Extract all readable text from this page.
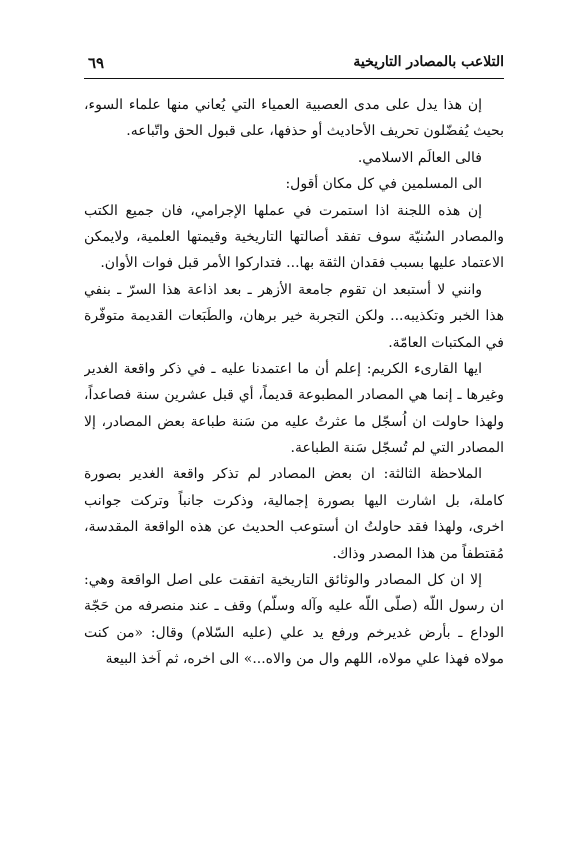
التلاعب بالمصادر التاريخية
٦٩
إن هذا يدل على مدى العصبية العمياء التي يُعاني منها علماء السوء،
بحيث يُفضّلون تحريف الأحاديث أو حذفها، على قبول الحق واتّباعه.
فالى العالَم الاسلامي.
الى المسلمين في كل مكان أقول:
إن هذه اللجنة اذا استمرت في عملها الإجرامي، فان جميع الكتب
والمصادر السُنيّة سوف تفقد أصالتها التاريخية وقيمتها العلمية، ولايمكن
الاعتماد عليها بسبب فقدان الثقة بها... فتداركوا الأمر قبل فوات الأوان.
وانني لا أستبعد ان تقوم جامعة الأزهر ـ بعد اذاعة هذا السرّ ـ بنفي
هذا الخبر وتكذيبه... ولكن التجربة خير برهان، والطَبَعات القديمة متوفّرة
في المكتبات العامّة.
ايها القارىء الكريم: إعلم أن ما اعتمدنا عليه ـ في ذكر واقعة الغدير
وغيرها ـ إنما هي المصادر المطبوعة قديماً، أي قبل عشرين سنة فصاعداً،
ولهذا حاولت ان اُسجّل ما عثرتُ عليه من سَنة طباعة بعض المصادر، إلا
المصادر التي لم تُسجّل سَنة الطباعة.
الملاحظة الثالثة: ان بعض المصادر لم تذكر واقعة الغدير بصورة
كاملة، بل اشارت اليها بصورة إجمالية، وذكرت جانباً وتركت جوانب
اخرى، ولهذا فقد حاولتُ ان أستوعب الحديث عن هذه الواقعة المقدسة،
مُقتطفاً من هذا المصدر وذاك.
إلا ان كل المصادر والوثائق التاريخية اتفقت على اصل الواقعة وهي:
ان رسول اللّه (صلّى اللّه عليه وآله وسلّم) وقف ـ عند منصرفه من حَجّة
الوداع ـ بأرض غديرخم ورفع يد علي (عليه السّلام) وقال: «من كنت
مولاه فهذا علي مولاه، اللهم وال من والاه...» الى اخره، ثم اَخذ البيعة
